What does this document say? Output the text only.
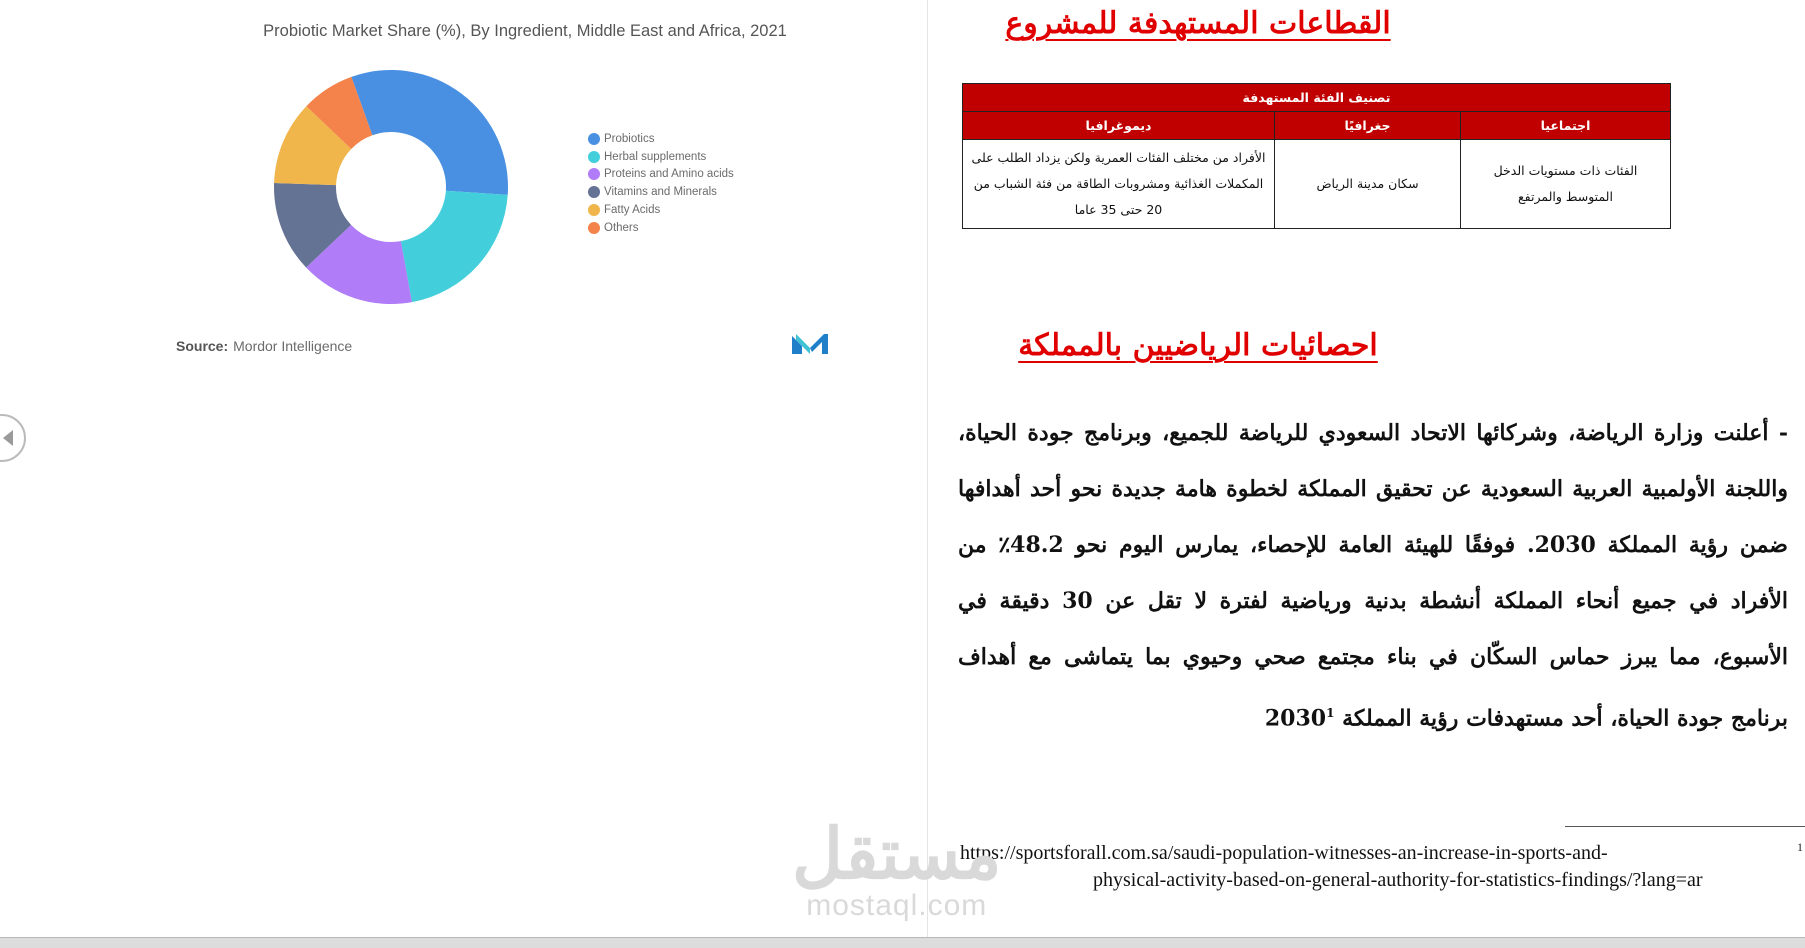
Probiotic Market Share (%), By Ingredient, Middle East and Africa, 2021
Probiotics
Herbal supplements
Proteins and Amino acids
Vitamins and Minerals
Fatty Acids
Others
Source: Mordor Intelligence
القطاعات المستهدفة للمشروع
تصنيف الفئة المستهدفة		
اجتماعيا	جغرافيًا	ديموغرافيا
الفئات ذات مستويات الدخل المتوسط والمرتفع	سكان مدينة الرياض	الأفراد من مختلف الفئات العمرية ولكن يزداد الطلب على المكملات الغذائية ومشروبات الطاقة من فئة الشباب من 20 حتى 35 عاما
احصائيات الرياضيين بالمملكة
- أعلنت وزارة الرياضة، وشركائها الاتحاد السعودي للرياضة للجميع، وبرنامج جودة الحياة، واللجنة الأولمبية العربية السعودية عن تحقيق المملكة لخطوة هامة جديدة نحو أحد أهدافها ضمن رؤية المملكة 2030. فوفقًا للهيئة العامة للإحصاء، يمارس اليوم نحو 48.2٪ من الأفراد في جميع أنحاء المملكة أنشطة بدنية ورياضية لفترة لا تقل عن 30 دقيقة في الأسبوع، مما يبرز حماس السكّان في بناء مجتمع صحي وحيوي بما يتماشى مع أهداف برنامج جودة الحياة، أحد مستهدفات رؤية المملكة 2030$^1$
1
https://sportsforall.com.sa/saudi-population-witnesses-an-increase-in-sports-and-
physical-activity-based-on-general-authority-for-statistics-findings/?lang=ar
مستقل
mostaql.com
